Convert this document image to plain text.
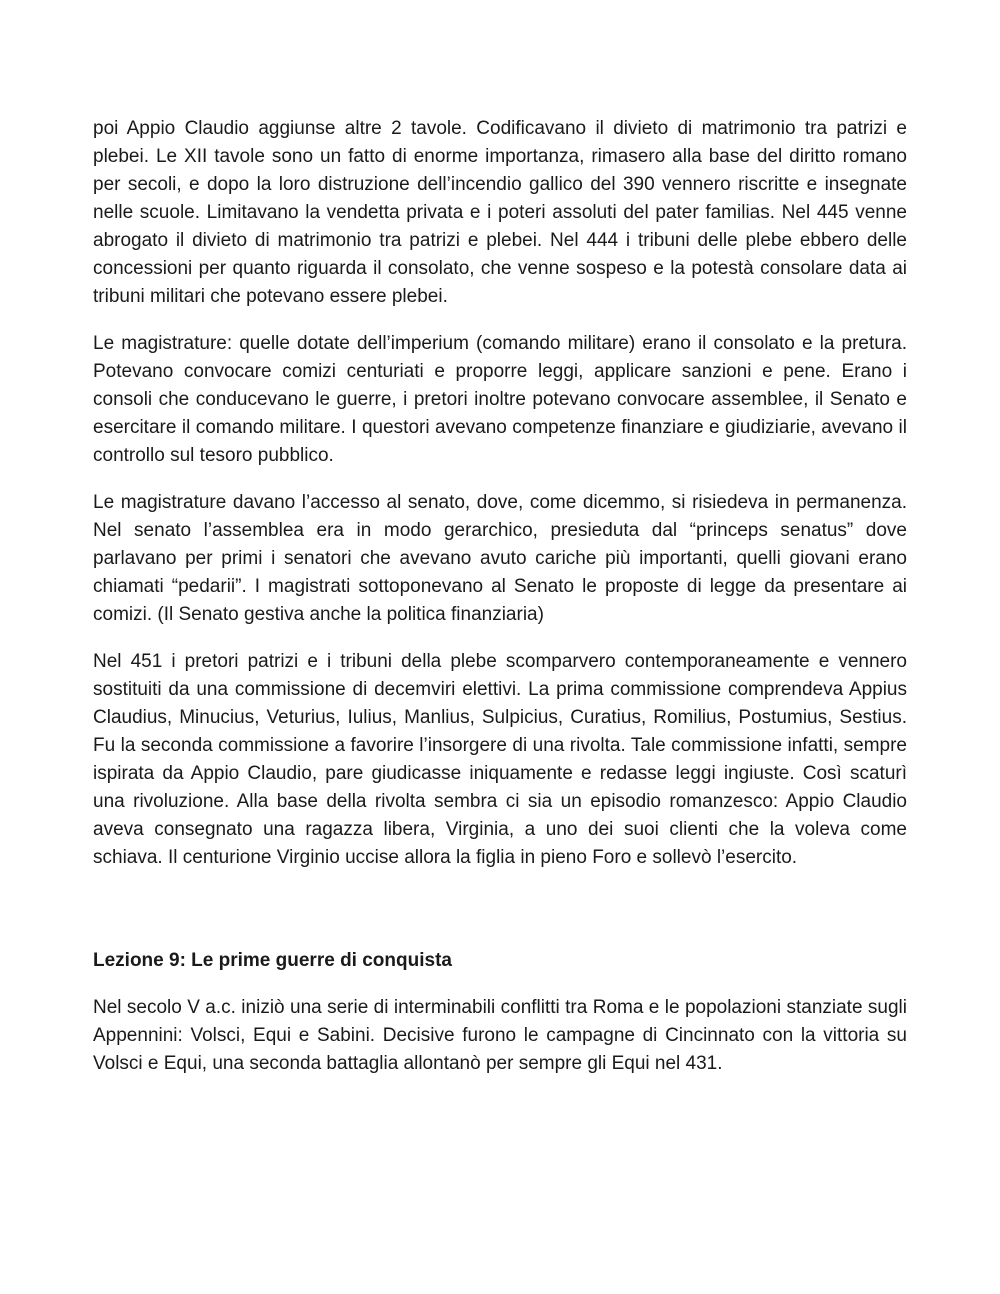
poi Appio Claudio aggiunse altre 2 tavole. Codificavano il divieto di matrimonio tra patrizi e plebei. Le XII tavole sono un fatto di enorme importanza, rimasero alla base del diritto romano per secoli, e dopo la loro distruzione dell’incendio gallico del 390 vennero riscritte e insegnate nelle scuole. Limitavano la vendetta privata e i poteri assoluti del pater familias. Nel 445 venne abrogato il divieto di matrimonio tra patrizi e plebei. Nel 444 i tribuni delle plebe ebbero delle concessioni per quanto riguarda il consolato, che venne sospeso e la potestà consolare data ai tribuni militari che potevano essere plebei.

Le magistrature: quelle dotate dell’imperium (comando militare) erano il consolato e la pretura. Potevano convocare comizi centuriati e proporre leggi, applicare sanzioni e pene. Erano i consoli che conducevano le guerre, i pretori inoltre potevano convocare assemblee, il Senato e esercitare il comando militare. I questori avevano competenze finanziare e giudiziarie, avevano il controllo sul tesoro pubblico.

Le magistrature davano l’accesso al senato, dove, come dicemmo, si risiedeva in permanenza. Nel senato l’assemblea era in modo gerarchico, presieduta dal “princeps senatus” dove parlavano per primi i senatori che avevano avuto cariche più importanti, quelli giovani erano chiamati “pedarii”. I magistrati sottoponevano al Senato le proposte di legge da presentare ai comizi. (Il Senato gestiva anche la politica finanziaria)

Nel 451 i pretori patrizi e i tribuni della plebe scomparvero contemporaneamente e vennero sostituiti da una commissione di decemviri elettivi. La prima commissione comprendeva Appius Claudius, Minucius, Veturius, Iulius, Manlius, Sulpicius, Curatius, Romilius, Postumius, Sestius. Fu la seconda commissione a favorire l’insorgere di una rivolta. Tale commissione infatti, sempre ispirata da Appio Claudio, pare giudicasse iniquamente e redasse leggi ingiuste. Così scaturì una rivoluzione. Alla base della rivolta sembra ci sia un episodio romanzesco: Appio Claudio aveva consegnato una ragazza libera, Virginia, a uno dei suoi clienti che la voleva come schiava. Il centurione Virginio uccise allora la figlia in pieno Foro e sollevò l’esercito.

Lezione 9: Le prime guerre di conquista

Nel secolo V a.c. iniziò una serie di interminabili conflitti tra Roma e le popolazioni stanziate sugli Appennini: Volsci, Equi e Sabini. Decisive furono le campagne di Cincinnato con la vittoria su Volsci e Equi, una seconda battaglia allontanò per sempre gli Equi nel 431.
